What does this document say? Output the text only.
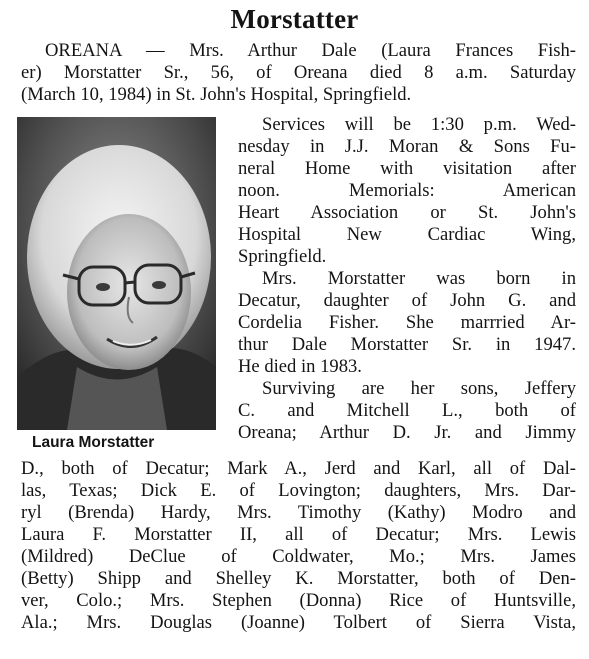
Morstatter
OREANA — Mrs. Arthur Dale (Laura Frances Fish-
er) Morstatter Sr., 56, of Oreana died 8 a.m. Saturday
(March 10, 1984) in St. John's Hospital, Springfield.
Laura Morstatter
Services will be 1:30 p.m. Wed-
nesday in J.J. Moran & Sons Fu-
neral Home with visitation after
noon. Memorials: American
Heart Association or St. John's
Hospital New Cardiac Wing,
Springfield.
Mrs. Morstatter was born in
Decatur, daughter of John G. and
Cordelia Fisher. She marrried Ar-
thur Dale Morstatter Sr. in 1947.
He died in 1983.
Surviving are her sons, Jeffery
C. and Mitchell L., both of
Oreana; Arthur D. Jr. and Jimmy
D., both of Decatur; Mark A., Jerd and Karl, all of Dal-
las, Texas; Dick E. of Lovington; daughters, Mrs. Dar-
ryl (Brenda) Hardy, Mrs. Timothy (Kathy) Modro and
Laura F. Morstatter II, all of Decatur; Mrs. Lewis
(Mildred) DeClue of Coldwater, Mo.; Mrs. James
(Betty) Shipp and Shelley K. Morstatter, both of Den-
ver, Colo.; Mrs. Stephen (Donna) Rice of Huntsville,
Ala.; Mrs. Douglas (Joanne) Tolbert of Sierra Vista,
